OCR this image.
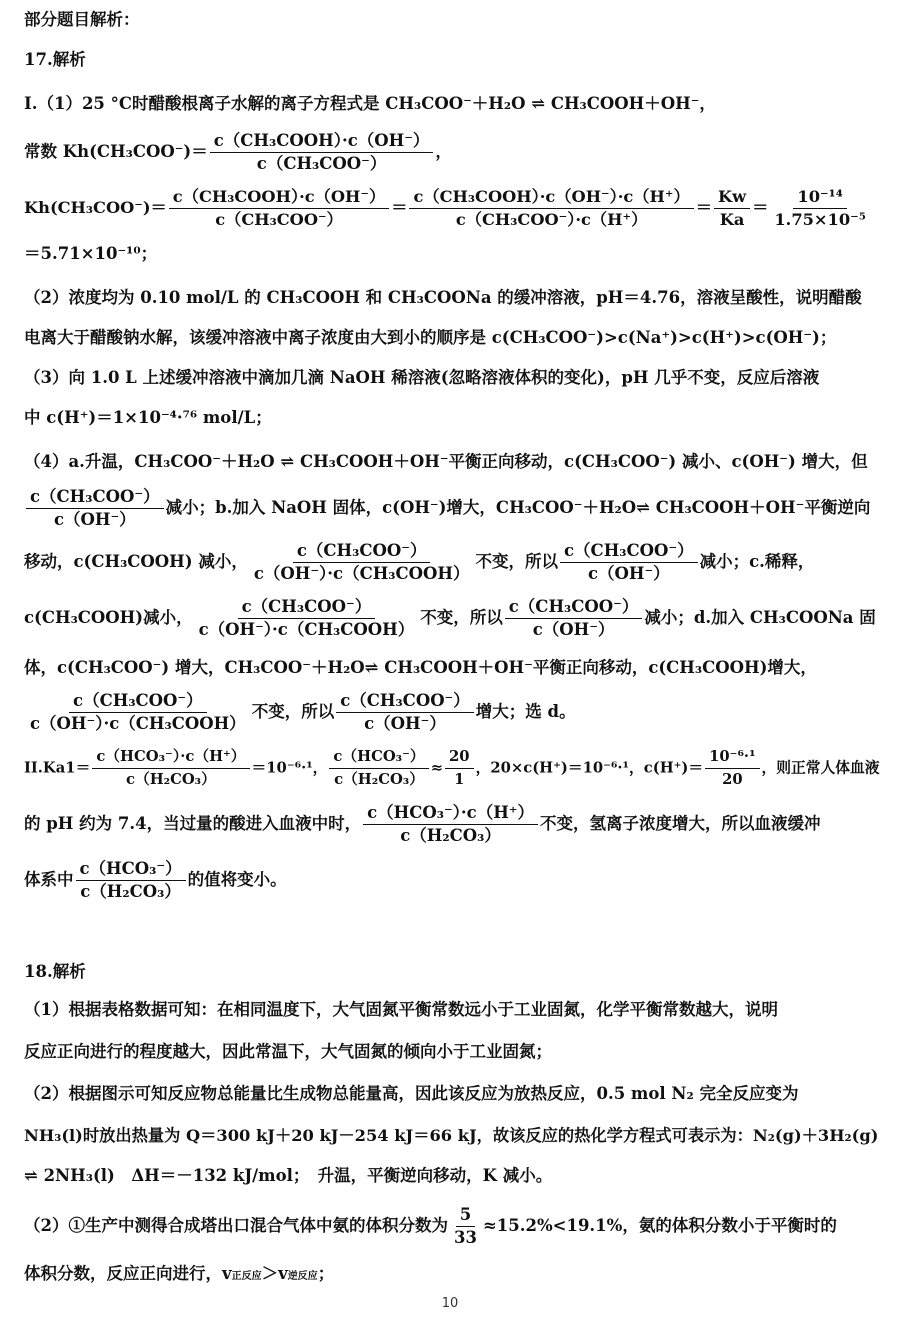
部分题目解析：
17.解析
I.（1）25 °C时醋酸根离子水解的离子方程式是 CH₃COO⁻＋H₂O ⇌ CH₃COOH＋OH⁻，
常数 Kh(CH₃COO⁻)＝
c（CH₃COOH）·c（OH⁻）
c（CH₃COO⁻）
，
Kh(CH₃COO⁻)＝
c（CH₃COOH）·c（OH⁻）
c（CH₃COO⁻）
＝
c（CH₃COOH）·c（OH⁻）·c（H⁺）
c（CH₃COO⁻）·c（H⁺）
＝ $\frac{Kw}{Ka} = \frac{\text{10⁻¹⁴}}{\text{1.75×10⁻⁵}}$
＝5.71×10⁻¹⁰；
（2）浓度均为 0.10 mol/L 的 CH₃COOH 和 CH₃COONa 的缓冲溶液，pH＝4.76，溶液呈酸性，说明醋酸
电离大于醋酸钠水解，该缓冲溶液中离子浓度由大到小的顺序是 c(CH₃COO⁻)>c(Na⁺)>c(H⁺)>c(OH⁻)；
（3）向 1.0 L 上述缓冲溶液中滴加几滴 NaOH 稀溶液(忽略溶液体积的变化)，pH 几乎不变，反应后溶液
中 c(H⁺)＝1×10⁻⁴·⁷⁶ mol/L；
（4）a.升温，CH₃COO⁻＋H₂O ⇌ CH₃COOH＋OH⁻平衡正向移动，c(CH₃COO⁻) 减小、c(OH⁻) 增大，但
c（CH₃COO⁻）
c（OH⁻）
减小；b.加入 NaOH 固体，c(OH⁻)增大，CH₃COO⁻＋H₂O⇌ CH₃COOH＋OH⁻平衡逆向
移动，c(CH₃COOH) 减小，
c（CH₃COO⁻）
c（OH⁻）·c（CH₃COOH）
不变，所以
c（CH₃COO⁻）
c（OH⁻）
减小；c.稀释，
c(CH₃COOH)减小，
c（CH₃COO⁻）
c（OH⁻）·c（CH₃COOH）
不变，所以
c（CH₃COO⁻）
c（OH⁻）
减小；d.加入 CH₃COONa 固
体，c(CH₃COO⁻) 增大，CH₃COO⁻＋H₂O⇌ CH₃COOH＋OH⁻平衡正向移动，c(CH₃COOH)增大，
c（CH₃COO⁻）
c（OH⁻）·c（CH₃COOH）
不变，所以
c（CH₃COO⁻）
c（OH⁻）
增大；选 d。
II.Ka1＝
c（HCO₃⁻）·c（H⁺）
c（H₂CO₃）
＝10⁻⁶·¹，
c（HCO₃⁻）
c（H₂CO₃）
≈ $\frac{20}{1}$ ，20×c(H⁺)＝10⁻⁶·¹，$c(H^+)= \frac{\text{10⁻⁶·¹}}{20}$ ，则正常人体血液
的 pH 约为 7.4，当过量的酸进入血液中时，
c（HCO₃⁻）·c（H⁺）
c（H₂CO₃）
不变，氢离子浓度增大，所以血液缓冲
体系中
c（HCO₃⁻）
c（H₂CO₃）
的值将变小。
18.解析
（1）根据表格数据可知：在相同温度下，大气固氮平衡常数远小于工业固氮，化学平衡常数越大，说明
反应正向进行的程度越大，因此常温下，大气固氮的倾向小于工业固氮；
（2）根据图示可知反应物总能量比生成物总能量高，因此该反应为放热反应，0.5 mol N₂ 完全反应变为
NH₃(l)时放出热量为 Q＝300 kJ＋20 kJ－254 kJ＝66 kJ，故该反应的热化学方程式可表示为：N₂(g)＋3H₂(g)
⇌ 2NH₃(l)　ΔH＝－132 kJ/mol；　升温，平衡逆向移动，K 减小。
（2）①生产中测得合成塔出口混合气体中氨的体积分数为 $\frac{5}{33} \approx 15.2\%<19.1\%$，氨的体积分数小于平衡时的
体积分数，反应正向进行，v正反应＞v逆反应；
10
